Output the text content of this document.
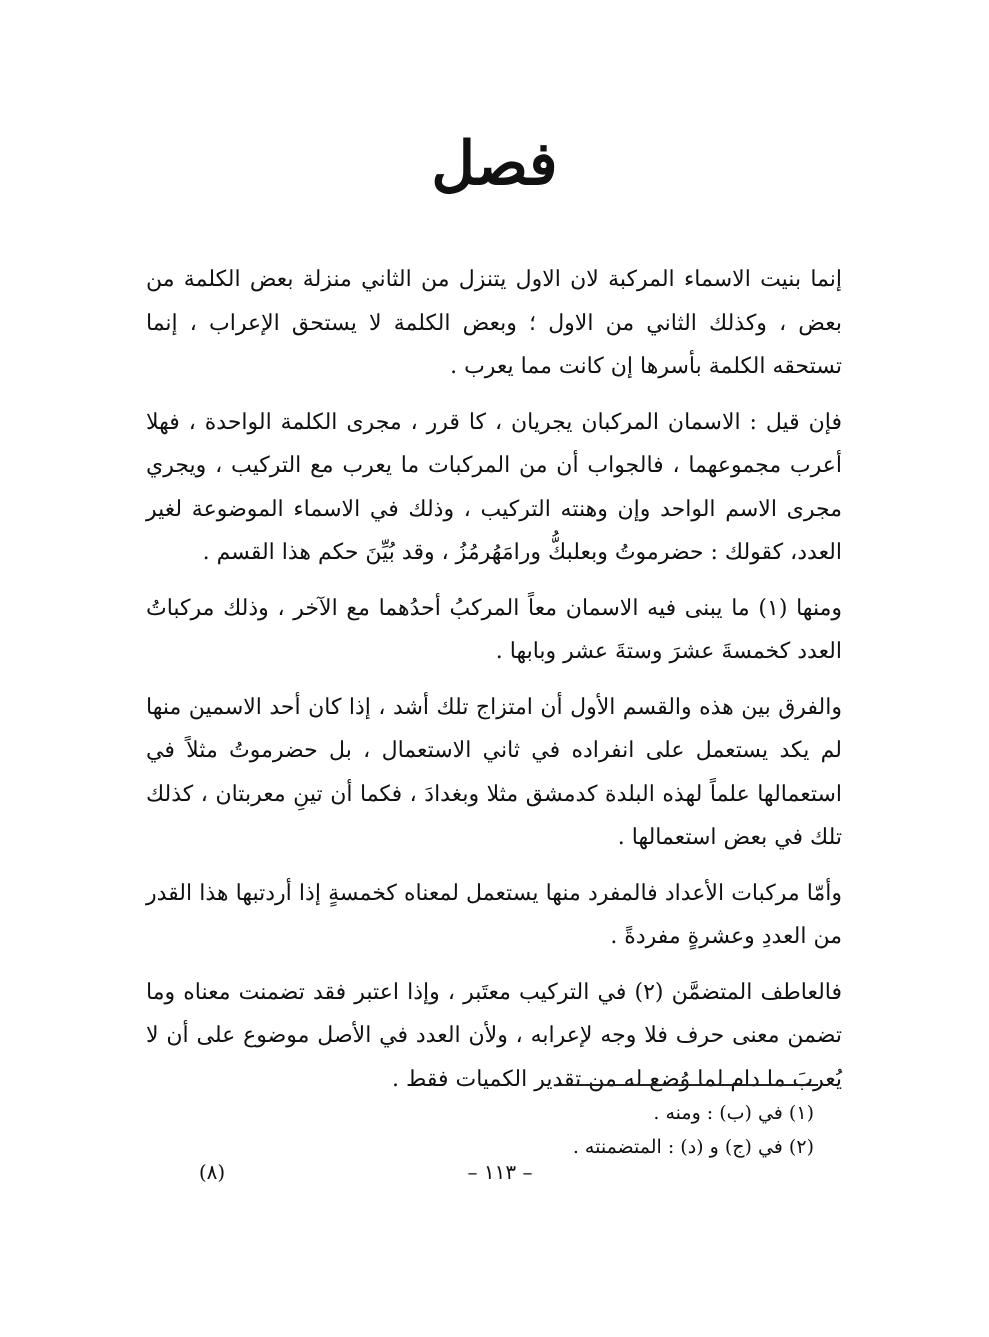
فصل

إنما بنيت الاسماء المركبة لان الاول يتنزل من الثاني منزلة بعض الكلمة من بعض ، وكذلك الثاني من الاول ؛ وبعض الكلمة لا يستحق الإعراب ، إنما تستحقه الكلمة بأسرها إن كانت مما يعرب .

فإن قيل : الاسمان المركبان يجريان ، كا قرر ، مجرى الكلمة الواحدة ، فهلا أعرب مجموعهما ، فالجواب أن من المركبات ما يعرب مع التركيب ، ويجري مجرى الاسم الواحد وإن وهنته التركيب ، وذلك في الاسماء الموضوعة لغير العدد، كقولك : حضرموتُ وبعلبكُّ ورامَهُرمُزُ ، وقد بُيِّنَ حكم هذا القسم .

ومنها (١) ما يبنى فيه الاسمان معاً المركبُ أحدُهما مع الآخر ، وذلك مركباتُ العدد كخمسةَ عشرَ وستةَ عشر وبابها .

والفرق بين هذه والقسم الأول أن امتزاج تلك أشد ، إذا كان أحد الاسمين منها لم يكد يستعمل على انفراده في ثاني الاستعمال ، بل حضرموتُ مثلاً في استعمالها علماً لهذه البلدة كدمشق مثلا وبغدادَ ، فكما أن تينِ معربتان ، كذلك تلك في بعض استعمالها .

وأمّا مركبات الأعداد فالمفرد منها يستعمل لمعناه كخمسةٍ إذا أردتبها هذا القدر من العددِ وعشرةٍ مفردةً .

فالعاطف المتضمَّن (٢) في التركيب معتَبر ، وإذا اعتبر فقد تضمنت معناه وما تضمن معنى حرف فلا وجه لإعرابه ، ولأن العدد في الأصل موضوع على أن لا يُعربَ ما دام لما وُضع له من تقدير الكميات فقط .

(١) في (ب) : ومنه .

(٢) في (ج) و (د) : المتضمنته .

– ١١٣ –
(٨)
